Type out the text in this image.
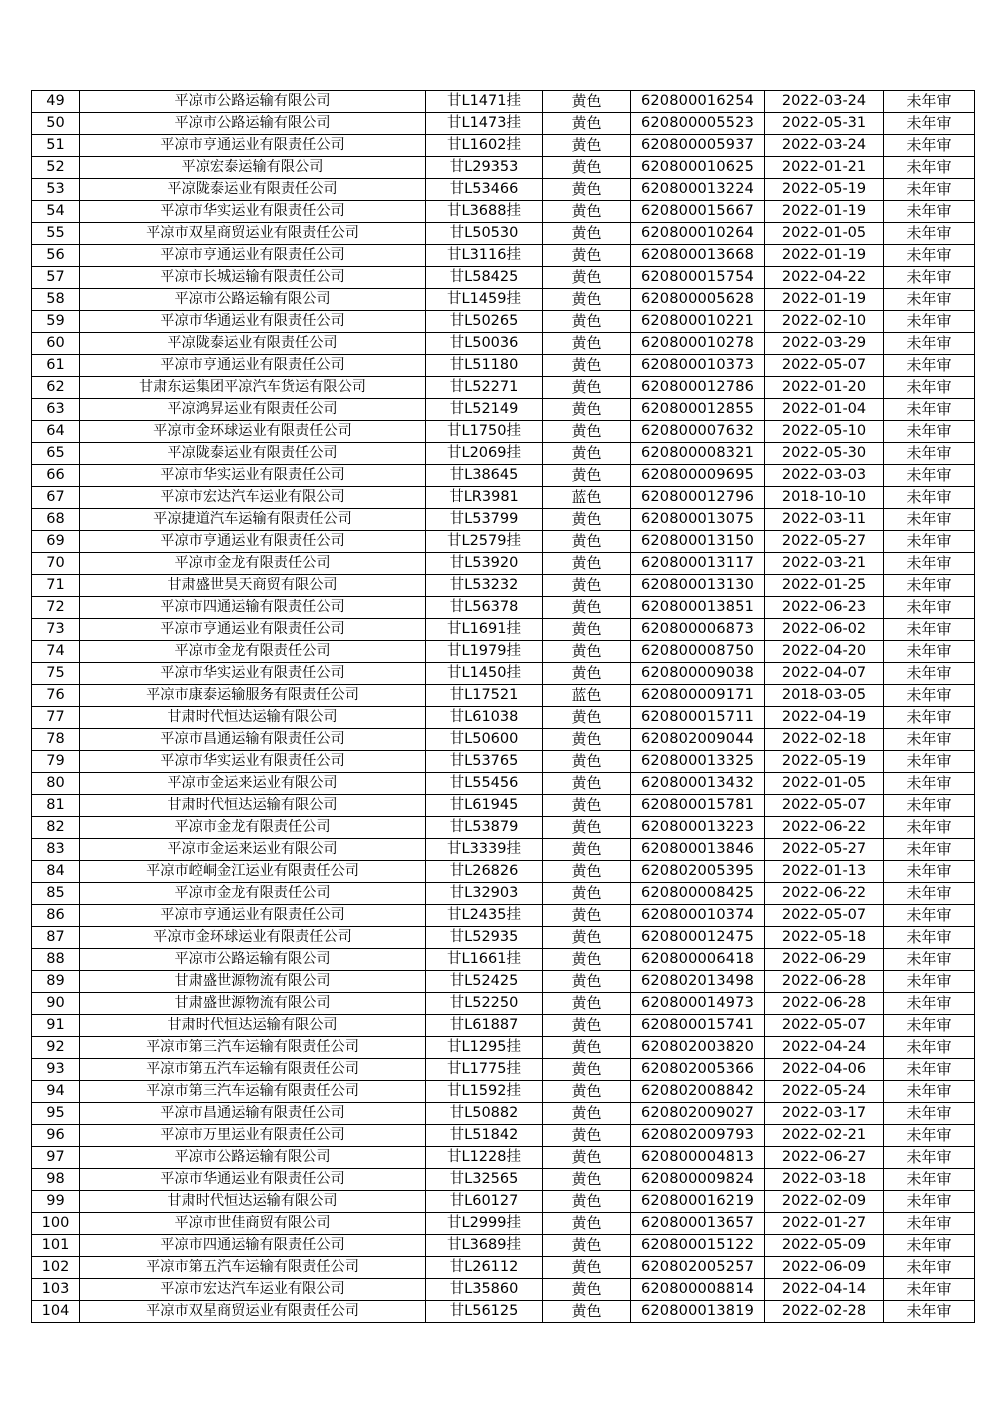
49	平凉市公路运输有限公司	甘L1471挂	黄色	620800016254	2022-03-24	未年审
50	平凉市公路运输有限公司	甘L1473挂	黄色	620800005523	2022-05-31	未年审
51	平凉市亨通运业有限责任公司	甘L1602挂	黄色	620800005937	2022-03-24	未年审
52	平凉宏泰运输有限公司	甘L29353	黄色	620800010625	2022-01-21	未年审
53	平凉陇泰运业有限责任公司	甘L53466	黄色	620800013224	2022-05-19	未年审
54	平凉市华实运业有限责任公司	甘L3688挂	黄色	620800015667	2022-01-19	未年审
55	平凉市双星商贸运业有限责任公司	甘L50530	黄色	620800010264	2022-01-05	未年审
56	平凉市亨通运业有限责任公司	甘L3116挂	黄色	620800013668	2022-01-19	未年审
57	平凉市长城运输有限责任公司	甘L58425	黄色	620800015754	2022-04-22	未年审
58	平凉市公路运输有限公司	甘L1459挂	黄色	620800005628	2022-01-19	未年审
59	平凉市华通运业有限责任公司	甘L50265	黄色	620800010221	2022-02-10	未年审
60	平凉陇泰运业有限责任公司	甘L50036	黄色	620800010278	2022-03-29	未年审
61	平凉市亨通运业有限责任公司	甘L51180	黄色	620800010373	2022-05-07	未年审
62	甘肃东运集团平凉汽车货运有限公司	甘L52271	黄色	620800012786	2022-01-20	未年审
63	平凉鸿昇运业有限责任公司	甘L52149	黄色	620800012855	2022-01-04	未年审
64	平凉市金环球运业有限责任公司	甘L1750挂	黄色	620800007632	2022-05-10	未年审
65	平凉陇泰运业有限责任公司	甘L2069挂	黄色	620800008321	2022-05-30	未年审
66	平凉市华实运业有限责任公司	甘L38645	黄色	620800009695	2022-03-03	未年审
67	平凉市宏达汽车运业有限公司	甘LR3981	蓝色	620800012796	2018-10-10	未年审
68	平凉捷道汽车运输有限责任公司	甘L53799	黄色	620800013075	2022-03-11	未年审
69	平凉市亨通运业有限责任公司	甘L2579挂	黄色	620800013150	2022-05-27	未年审
70	平凉市金龙有限责任公司	甘L53920	黄色	620800013117	2022-03-21	未年审
71	甘肃盛世昊天商贸有限公司	甘L53232	黄色	620800013130	2022-01-25	未年审
72	平凉市四通运输有限责任公司	甘L56378	黄色	620800013851	2022-06-23	未年审
73	平凉市亨通运业有限责任公司	甘L1691挂	黄色	620800006873	2022-06-02	未年审
74	平凉市金龙有限责任公司	甘L1979挂	黄色	620800008750	2022-04-20	未年审
75	平凉市华实运业有限责任公司	甘L1450挂	黄色	620800009038	2022-04-07	未年审
76	平凉市康泰运输服务有限责任公司	甘L17521	蓝色	620800009171	2018-03-05	未年审
77	甘肃时代恒达运输有限公司	甘L61038	黄色	620800015711	2022-04-19	未年审
78	平凉市昌通运输有限责任公司	甘L50600	黄色	620802009044	2022-02-18	未年审
79	平凉市华实运业有限责任公司	甘L53765	黄色	620800013325	2022-05-19	未年审
80	平凉市金运来运业有限公司	甘L55456	黄色	620800013432	2022-01-05	未年审
81	甘肃时代恒达运输有限公司	甘L61945	黄色	620800015781	2022-05-07	未年审
82	平凉市金龙有限责任公司	甘L53879	黄色	620800013223	2022-06-22	未年审
83	平凉市金运来运业有限公司	甘L3339挂	黄色	620800013846	2022-05-27	未年审
84	平凉市崆峒金江运业有限责任公司	甘L26826	黄色	620802005395	2022-01-13	未年审
85	平凉市金龙有限责任公司	甘L32903	黄色	620800008425	2022-06-22	未年审
86	平凉市亨通运业有限责任公司	甘L2435挂	黄色	620800010374	2022-05-07	未年审
87	平凉市金环球运业有限责任公司	甘L52935	黄色	620800012475	2022-05-18	未年审
88	平凉市公路运输有限公司	甘L1661挂	黄色	620800006418	2022-06-29	未年审
89	甘肃盛世源物流有限公司	甘L52425	黄色	620802013498	2022-06-28	未年审
90	甘肃盛世源物流有限公司	甘L52250	黄色	620800014973	2022-06-28	未年审
91	甘肃时代恒达运输有限公司	甘L61887	黄色	620800015741	2022-05-07	未年审
92	平凉市第三汽车运输有限责任公司	甘L1295挂	黄色	620802003820	2022-04-24	未年审
93	平凉市第五汽车运输有限责任公司	甘L1775挂	黄色	620802005366	2022-04-06	未年审
94	平凉市第三汽车运输有限责任公司	甘L1592挂	黄色	620802008842	2022-05-24	未年审
95	平凉市昌通运输有限责任公司	甘L50882	黄色	620802009027	2022-03-17	未年审
96	平凉市万里运业有限责任公司	甘L51842	黄色	620802009793	2022-02-21	未年审
97	平凉市公路运输有限公司	甘L1228挂	黄色	620800004813	2022-06-27	未年审
98	平凉市华通运业有限责任公司	甘L32565	黄色	620800009824	2022-03-18	未年审
99	甘肃时代恒达运输有限公司	甘L60127	黄色	620800016219	2022-02-09	未年审
100	平凉市世佳商贸有限公司	甘L2999挂	黄色	620800013657	2022-01-27	未年审
101	平凉市四通运输有限责任公司	甘L3689挂	黄色	620800015122	2022-05-09	未年审
102	平凉市第五汽车运输有限责任公司	甘L26112	黄色	620802005257	2022-06-09	未年审
103	平凉市宏达汽车运业有限公司	甘L35860	黄色	620800008814	2022-04-14	未年审
104	平凉市双星商贸运业有限责任公司	甘L56125	黄色	620800013819	2022-02-28	未年审
